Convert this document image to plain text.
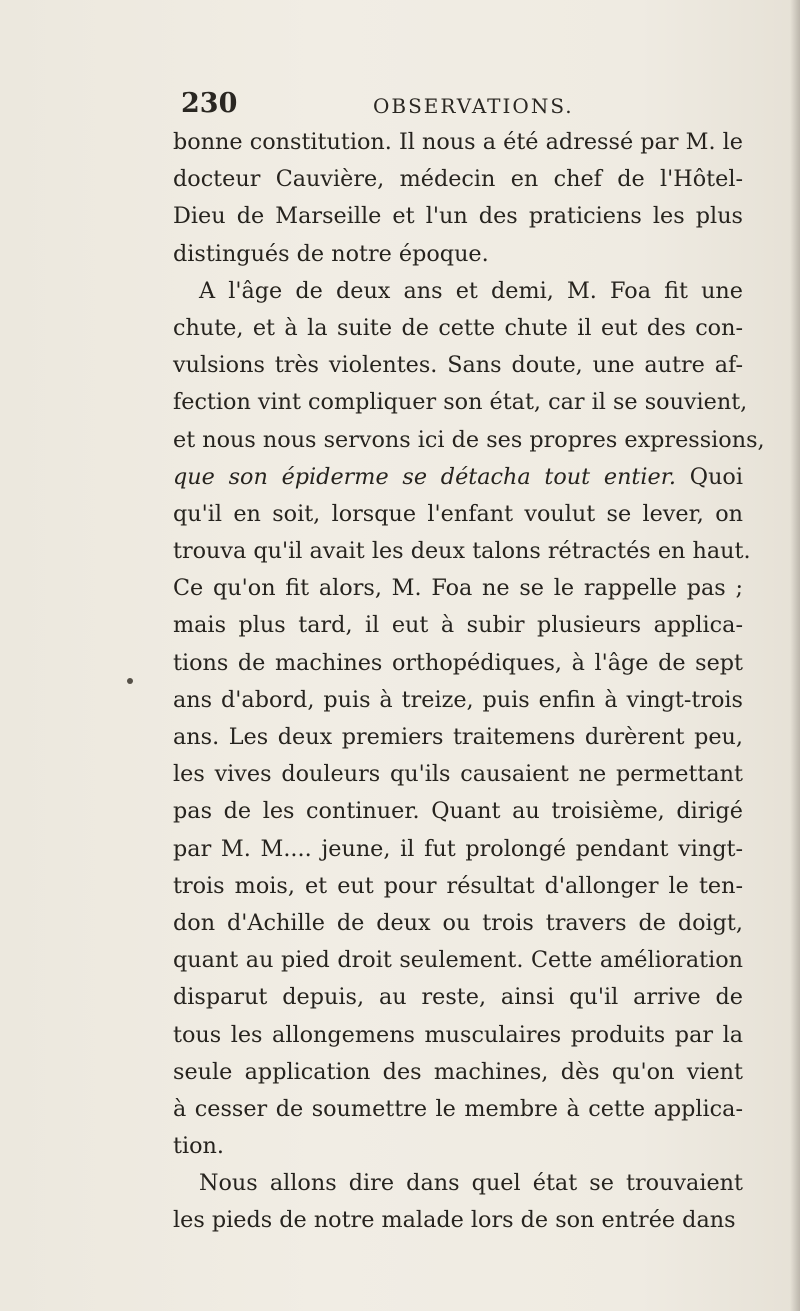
230	OBSERVATIONS.
bonne constitution. Il nous a été adressé par M. le
docteur Cauvière, médecin en chef de l'Hôtel-
Dieu de Marseille et l'un des praticiens les plus
distingués de notre époque.
A l'âge de deux ans et demi, M. Foa fit une
chute, et à la suite de cette chute il eut des con-
vulsions très violentes. Sans doute, une autre af-
fection vint compliquer son état, car il se souvient,
et nous nous servons ici de ses propres expressions,
que son épiderme se détacha tout entier. Quoi
qu'il en soit, lorsque l'enfant voulut se lever, on
trouva qu'il avait les deux talons rétractés en haut.
Ce qu'on fit alors, M. Foa ne se le rappelle pas ;
mais plus tard, il eut à subir plusieurs applica-
tions de machines orthopédiques, à l'âge de sept
ans d'abord, puis à treize, puis enfin à vingt-trois
ans. Les deux premiers traitemens durèrent peu,
les vives douleurs qu'ils causaient ne permettant
pas de les continuer. Quant au troisième, dirigé
par M. M.... jeune, il fut prolongé pendant vingt-
trois mois, et eut pour résultat d'allonger le ten-
don d'Achille de deux ou trois travers de doigt,
quant au pied droit seulement. Cette amélioration
disparut depuis, au reste, ainsi qu'il arrive de
tous les allongemens musculaires produits par la
seule application des machines, dès qu'on vient
à cesser de soumettre le membre à cette applica-
tion.
Nous allons dire dans quel état se trouvaient
les pieds de notre malade lors de son entrée dans
